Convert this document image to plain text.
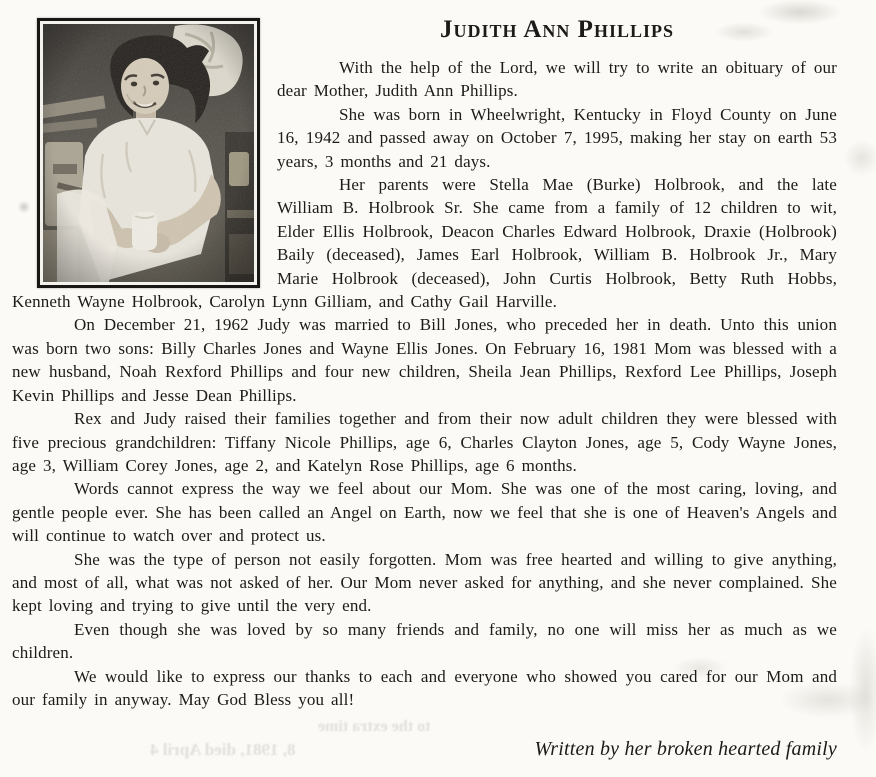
Judith Ann Phillips

With the help of the Lord, we will try to write an obituary of our dear Mother, Judith Ann Phillips.

She was born in Wheelwright, Kentucky in Floyd County on June 16, 1942 and passed away on October 7, 1995, making her stay on earth 53 years, 3 months and 21 days.

Her parents were Stella Mae (Burke) Holbrook, and the late William B. Holbrook Sr. She came from a family of 12 children to wit, Elder Ellis Holbrook, Deacon Charles Edward Holbrook, Draxie (Holbrook) Baily (deceased), James Earl Holbrook, William B. Holbrook Jr., Mary Marie Holbrook (deceased), John Curtis Holbrook, Betty Ruth Hobbs, Kenneth Wayne Holbrook, Carolyn Lynn Gilliam, and Cathy Gail Harville.

On December 21, 1962 Judy was married to Bill Jones, who preceded her in death. Unto this union was born two sons: Billy Charles Jones and Wayne Ellis Jones. On February 16, 1981 Mom was blessed with a new husband, Noah Rexford Phillips and four new children, Sheila Jean Phillips, Rexford Lee Phillips, Joseph Kevin Phillips and Jesse Dean Phillips.

Rex and Judy raised their families together and from their now adult children they were blessed with five precious grandchildren: Tiffany Nicole Phillips, age 6, Charles Clayton Jones, age 5, Cody Wayne Jones, age 3, William Corey Jones, age 2, and Katelyn Rose Phillips, age 6 months.

Words cannot express the way we feel about our Mom. She was one of the most caring, loving, and gentle people ever. She has been called an Angel on Earth, now we feel that she is one of Heaven's Angels and will continue to watch over and protect us.

She was the type of person not easily forgotten. Mom was free hearted and willing to give anything, and most of all, what was not asked of her. Our Mom never asked for anything, and she never complained. She kept loving and trying to give until the very end.

Even though she was loved by so many friends and family, no one will miss her as much as we children.

We would like to express our thanks to each and everyone who showed you cared for our Mom and our family in anyway. May God Bless you all!

Written by her broken hearted family
to the extra time
8, 1981, died April 4
